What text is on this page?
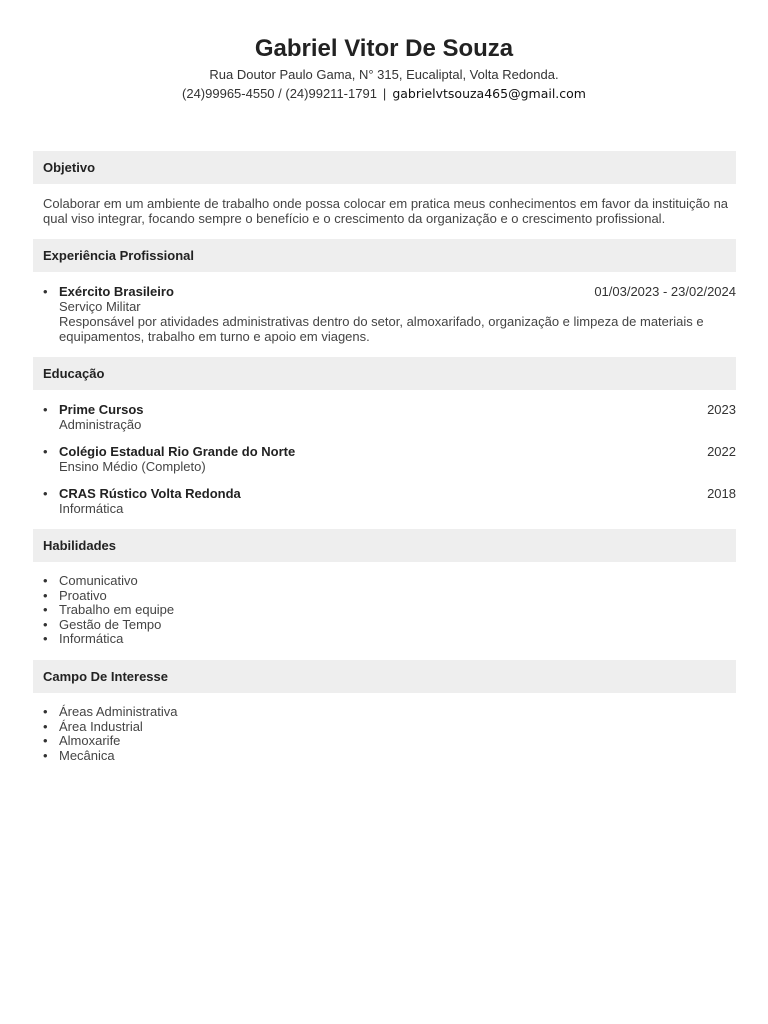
Gabriel Vitor De Souza
Rua Doutor Paulo Gama, N° 315, Eucaliptal, Volta Redonda.
(24)99965-4550 / (24)99211-1791 | gabrielvtsouza465@gmail.com
Objetivo

Colaborar em um ambiente de trabalho onde possa colocar em pratica meus conhecimentos em favor da instituição na qual viso integrar, focando sempre o benefício e o crescimento da organização e o crescimento profissional.

Experiência Profissional
• Exército Brasileiro	01/03/2023 - 23/02/2024
Serviço Militar
Responsável por atividades administrativas dentro do setor, almoxarifado, organização e limpeza de materiais e equipamentos, trabalho em turno e apoio em viagens.
Educação
• Prime Cursos	2023
Administração
• Colégio Estadual Rio Grande do Norte	2022
Ensino Médio (Completo)
• CRAS Rústico Volta Redonda	2018
Informática
Habilidades
• Comunicativo
• Proativo
• Trabalho em equipe
• Gestão de Tempo
• Informática
Campo De Interesse
• Áreas Administrativa
• Área Industrial
• Almoxarife
• Mecânica
